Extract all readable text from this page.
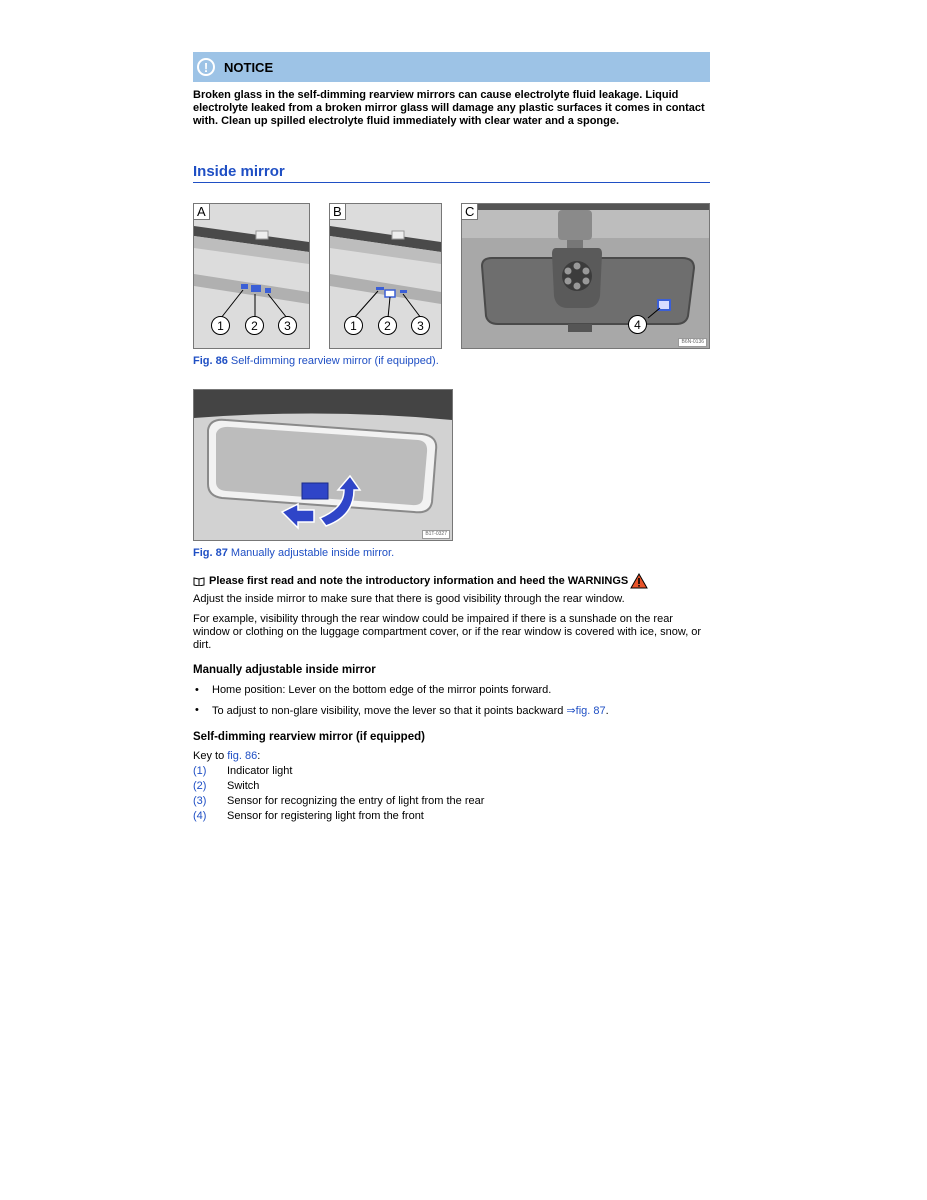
!	NOTICE
Broken glass in the self-dimming rearview mirrors can cause electrolyte fluid leakage. Liquid electrolyte leaked from a broken mirror glass will damage any plastic surfaces it comes in contact with. Clean up spilled electrolyte fluid immediately with clear water and a sponge.
Inside mirror
A
1	2	3
B
1	2	3
C
4
B6N-0136
Fig. 86 Self-dimming rearview mirror (if equipped).
B1T-0327
Fig. 87 Manually adjustable inside mirror.
Please first read and note the introductory information and heed the WARNINGS
Adjust the inside mirror to make sure that there is good visibility through the rear window.
For example, visibility through the rear window could be impaired if there is a sunshade on the rear window or clothing on the luggage compartment cover, or if the rear window is covered with ice, snow, or dirt.
Manually adjustable inside mirror
•	Home position: Lever on the bottom edge of the mirror points forward.
•	To adjust to non-glare visibility, move the lever so that it points backward ⇒fig. 87.
Self-dimming rearview mirror (if equipped)
Key to
fig. 86 :
(1)	Indicator light
(2)	Switch
(3)	Sensor for recognizing the entry of light from the rear
(4)	Sensor for registering light from the front
